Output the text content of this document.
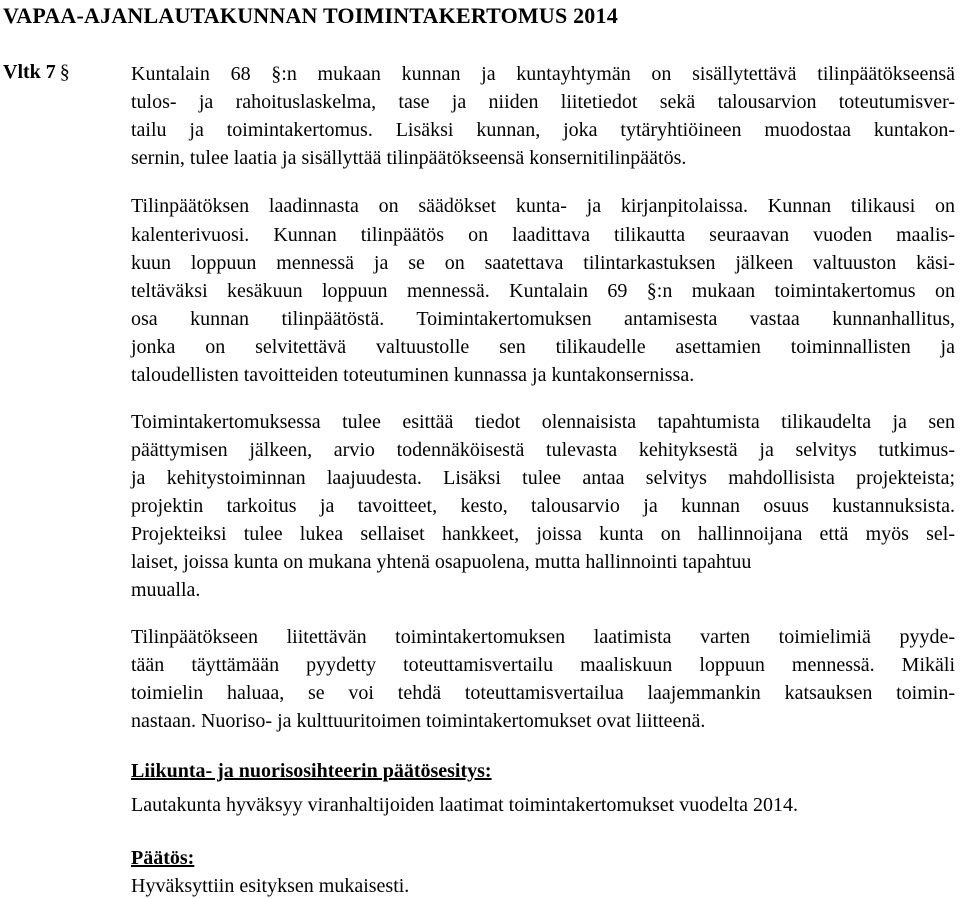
VAPAA-AJANLAUTAKUNNAN TOIMINTAKERTOMUS 2014
Vltk 7 §	Kuntalain 68 §:n mukaan kunnan ja kuntayhtymän on sisällytettävä tilinpäätökseensä
tulos- ja rahoituslaskelma, tase ja niiden liitetiedot sekä talousarvion toteutumisver-
tailu ja toimintakertomus. Lisäksi kunnan, joka tytäryhtiöineen muodostaa kuntakon-
sernin, tulee laatia ja sisällyttää tilinpäätökseensä konsernitilinpäätös.
Tilinpäätöksen laadinnasta on säädökset kunta- ja kirjanpitolaissa. Kunnan tilikausi on
kalenterivuosi. Kunnan tilinpäätös on laadittava tilikautta seuraavan vuoden maalis-
kuun loppuun mennessä ja se on saatettava tilintarkastuksen jälkeen valtuuston käsi-
teltäväksi kesäkuun loppuun mennessä. Kuntalain 69 §:n mukaan toimintakertomus on
osa kunnan tilinpäätöstä. Toimintakertomuksen antamisesta vastaa kunnanhallitus,
jonka on selvitettävä valtuustolle sen tilikaudelle asettamien toiminnallisten ja
taloudellisten tavoitteiden toteutuminen kunnassa ja kuntakonsernissa.
Toimintakertomuksessa tulee esittää tiedot olennaisista tapahtumista tilikaudelta ja sen
päättymisen jälkeen, arvio todennäköisestä tulevasta kehityksestä ja selvitys tutkimus-
ja kehitystoiminnan laajuudesta. Lisäksi tulee antaa selvitys mahdollisista projekteista;
projektin tarkoitus ja tavoitteet, kesto, talousarvio ja kunnan osuus kustannuksista.
Projekteiksi tulee lukea sellaiset hankkeet, joissa kunta on hallinnoijana että myös sel-
laiset, joissa kunta on mukana yhtenä osapuolena, mutta hallinnointi tapahtuu
muualla.
Tilinpäätökseen liitettävän toimintakertomuksen laatimista varten toimielimiä pyyde-
tään täyttämään pyydetty toteuttamisvertailu maaliskuun loppuun mennessä. Mikäli
toimielin haluaa, se voi tehdä toteuttamisvertailua laajemmankin katsauksen toimin-
nastaan. Nuoriso- ja kulttuuritoimen toimintakertomukset ovat liitteenä.
Liikunta- ja nuorisosihteerin päätösesitys:
Lautakunta hyväksyy viranhaltijoiden laatimat toimintakertomukset vuodelta 2014.
Päätös:
Hyväksyttiin esityksen mukaisesti.
